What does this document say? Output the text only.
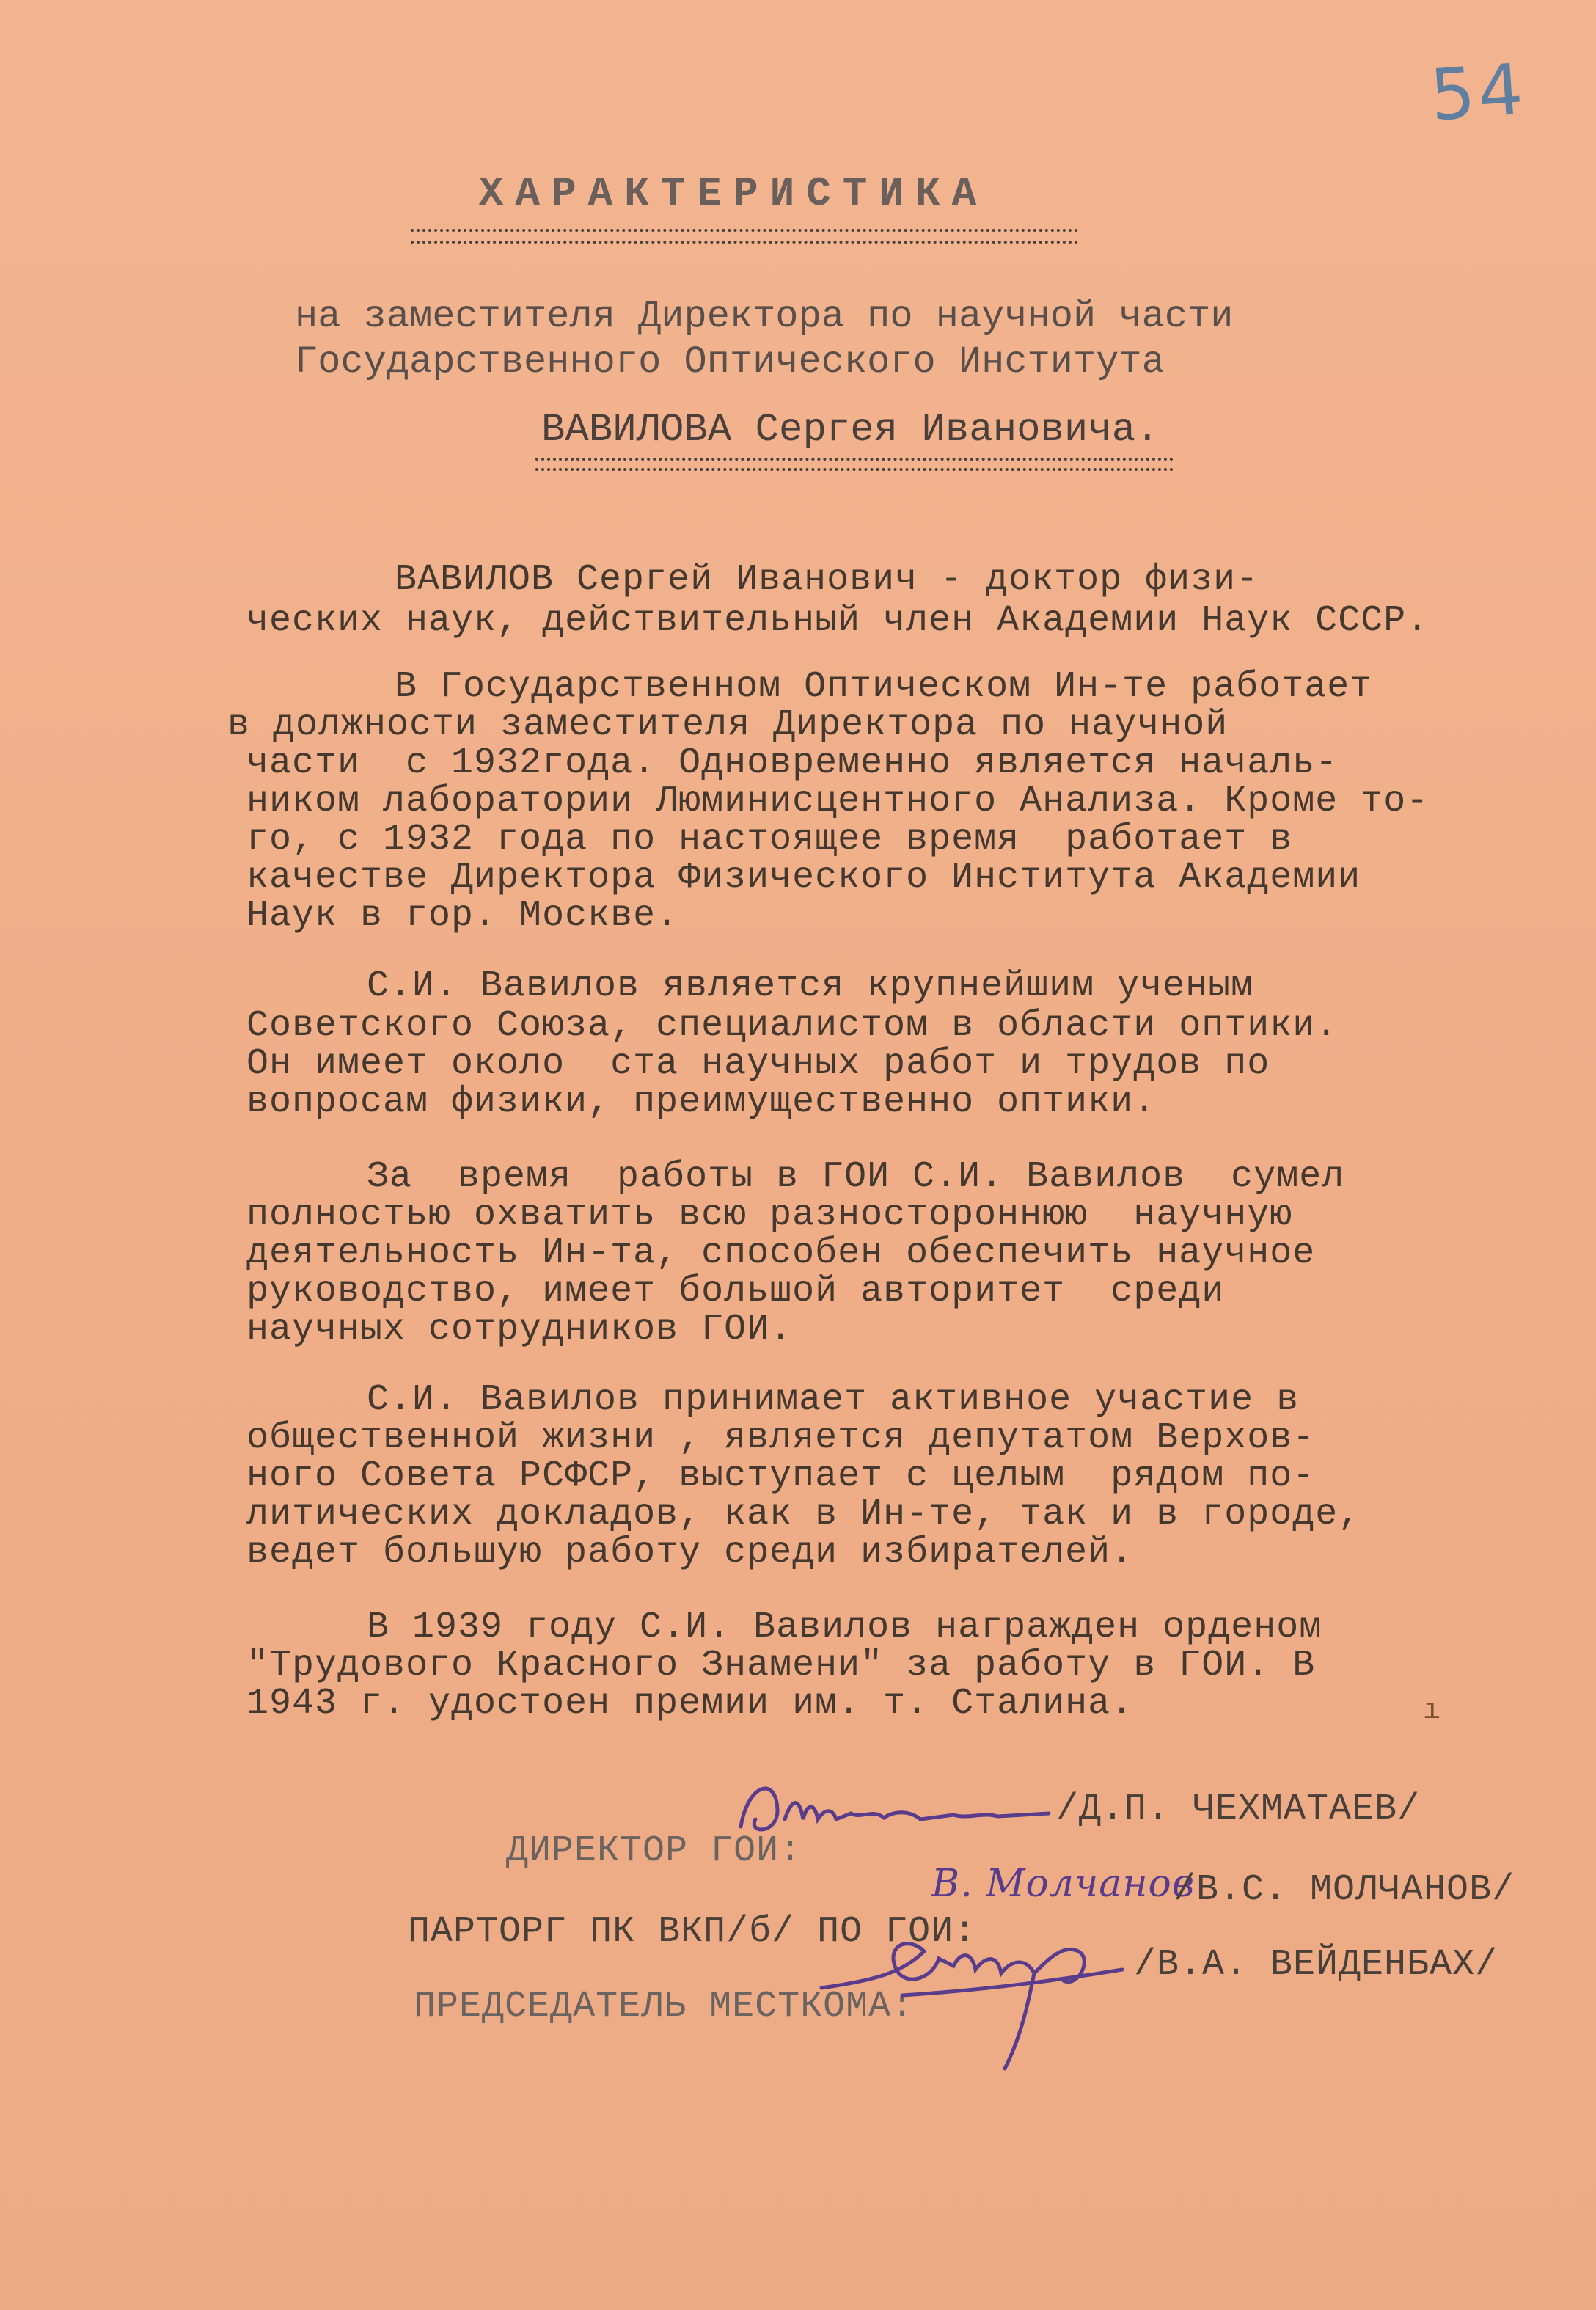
54
ХАРАКТЕРИСТИКА
на заместителя Директора по научной части
Государственного Оптического Института
ВАВИЛОВА Сергея Ивановича.
ВАВИЛОВ Сергей Иванович - доктор физи-
ческих наук, действительный член Академии Наук СССР.
В Государственном Оптическом Ин-те работает
в должности заместителя Директора по научной
части  с 1932года. Одновременно является началь-
ником лаборатории Люминисцентного Анализа. Кроме то-
го, с 1932 года по настоящее время  работает в
качестве Директора Физического Института Академии
Наук в гор. Москве.
С.И. Вавилов является крупнейшим ученым
Советского Союза, специалистом в области оптики.
Он имеет около  ста научных работ и трудов по
вопросам физики, преимущественно оптики.
За  время  работы в ГОИ С.И. Вавилов  сумел
полностью охватить всю разностороннюю  научную
деятельность Ин-та, способен обеспечить научное
руководство, имеет большой авторитет  среди
научных сотрудников ГОИ.
С.И. Вавилов принимает активное участие в
общественной жизни , является депутатом Верхов-
ного Совета РСФСР, выступает с целым  рядом по-
литических докладов, как в Ин-те, так и в городе,
ведет большую работу среди избирателей.
В 1939 году С.И. Вавилов награжден орденом
"Трудового Красного Знамени" за работу в ГОИ. В
1943 г. удостоен премии им. т. Сталина.	ı

ДИРЕКТОР ГОИ:

/Д.П. ЧЕХМАТАЕВ/

ПАРТОРГ ПК ВКП/б/ ПО ГОИ:

В. Молчанов
/В.С. МОЛЧАНОВ/

ПРЕДСЕДАТЕЛЬ МЕСТКОМА:

/В.А. ВЕЙДЕНБАХ/
